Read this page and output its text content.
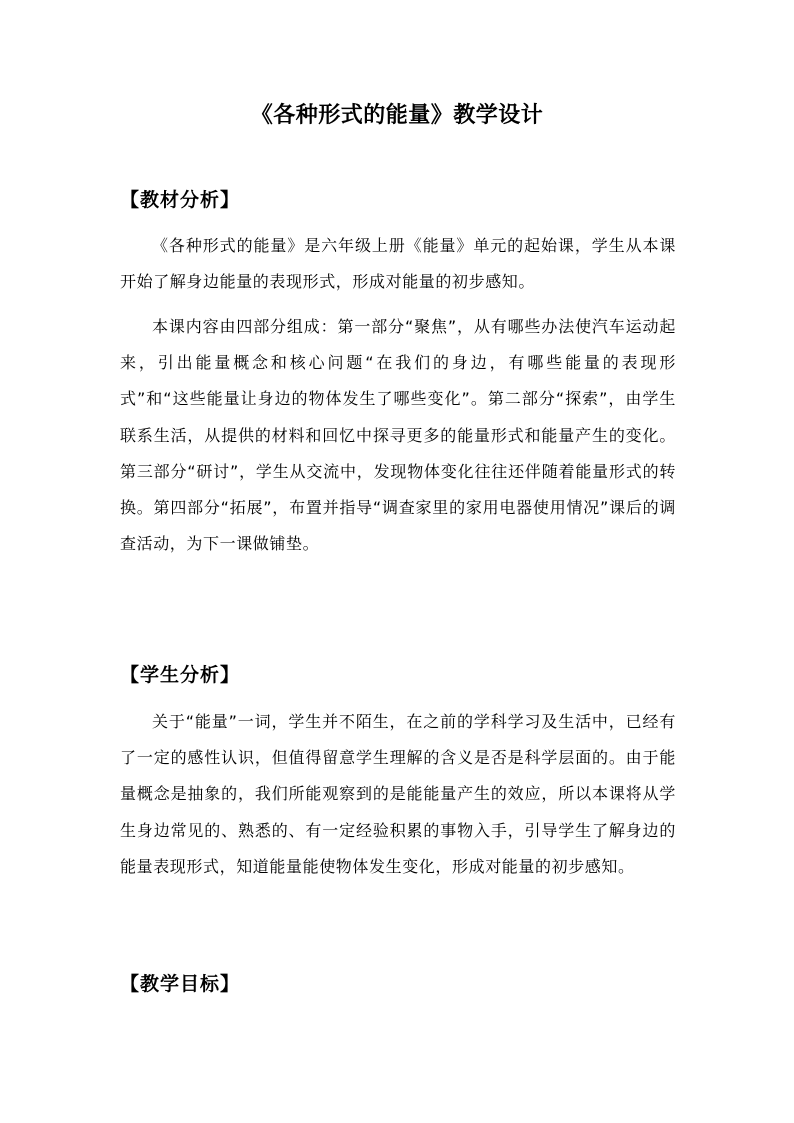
《各种形式的能量》教学设计
【教材分析】

《各种形式的能量》是六年级上册《能量》单元的起始课，学生从本课开始了解身边能量的表现形式，形成对能量的初步感知。

本课内容由四部分组成：第一部分“聚焦”，从有哪些办法使汽车运动起来，引出能量概念和核心问题“在我们的身边，有哪些能量的表现形式”和“这些能量让身边的物体发生了哪些变化”。第二部分“探索”，由学生联系生活，从提供的材料和回忆中探寻更多的能量形式和能量产生的变化。第三部分“研讨”，学生从交流中，发现物体变化往往还伴随着能量形式的转换。第四部分“拓展”，布置并指导“调查家里的家用电器使用情况”课后的调查活动，为下一课做铺垫。

【学生分析】

关于“能量”一词，学生并不陌生，在之前的学科学习及生活中，已经有了一定的感性认识，但值得留意学生理解的含义是否是科学层面的。由于能量概念是抽象的，我们所能观察到的是能能量产生的效应，所以本课将从学生身边常见的、熟悉的、有一定经验积累的事物入手，引导学生了解身边的能量表现形式，知道能量能使物体发生变化，形成对能量的初步感知。

【教学目标】
